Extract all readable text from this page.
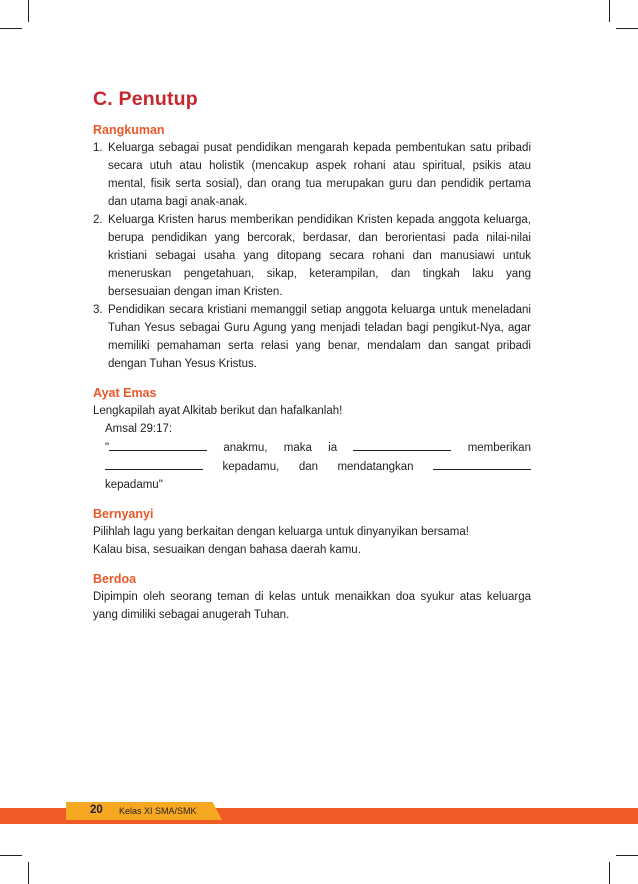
C. Penutup
Rangkuman
1. Keluarga sebagai pusat pendidikan mengarah kepada pembentukan satu pribadi secara utuh atau holistik (mencakup aspek rohani atau spiritual, psikis atau mental, fisik serta sosial), dan orang tua merupakan guru dan pendidik pertama dan utama bagi anak-anak.
2. Keluarga Kristen harus memberikan pendidikan Kristen kepada anggota keluarga, berupa pendidikan yang bercorak, berdasar, dan berorientasi pada nilai-nilai kristiani sebagai usaha yang ditopang secara rohani dan manusiawi untuk meneruskan pengetahuan, sikap, keterampilan, dan tingkah laku yang bersesuaian dengan iman Kristen.
3. Pendidikan secara kristiani memanggil setiap anggota keluarga untuk meneladani Tuhan Yesus sebagai Guru Agung yang menjadi teladan bagi pengikut-Nya, agar memiliki pemahaman serta relasi yang benar, mendalam dan sangat pribadi dengan Tuhan Yesus Kristus.
Ayat Emas

Lengkapilah ayat Alkitab berikut dan hafalkanlah!

Amsal 29:17:
"	anakmu, maka ia	memberikan
kepadamu, dan mendatangkan
kepadamu"
Bernyanyi

Pilihlah lagu yang berkaitan dengan keluarga untuk dinyanyikan bersama!

Kalau bisa, sesuaikan dengan bahasa daerah kamu.

Berdoa

Dipimpin oleh seorang teman di kelas untuk menaikkan doa syukur atas keluarga yang dimiliki sebagai anugerah Tuhan.

20 Kelas XI SMA/SMK
